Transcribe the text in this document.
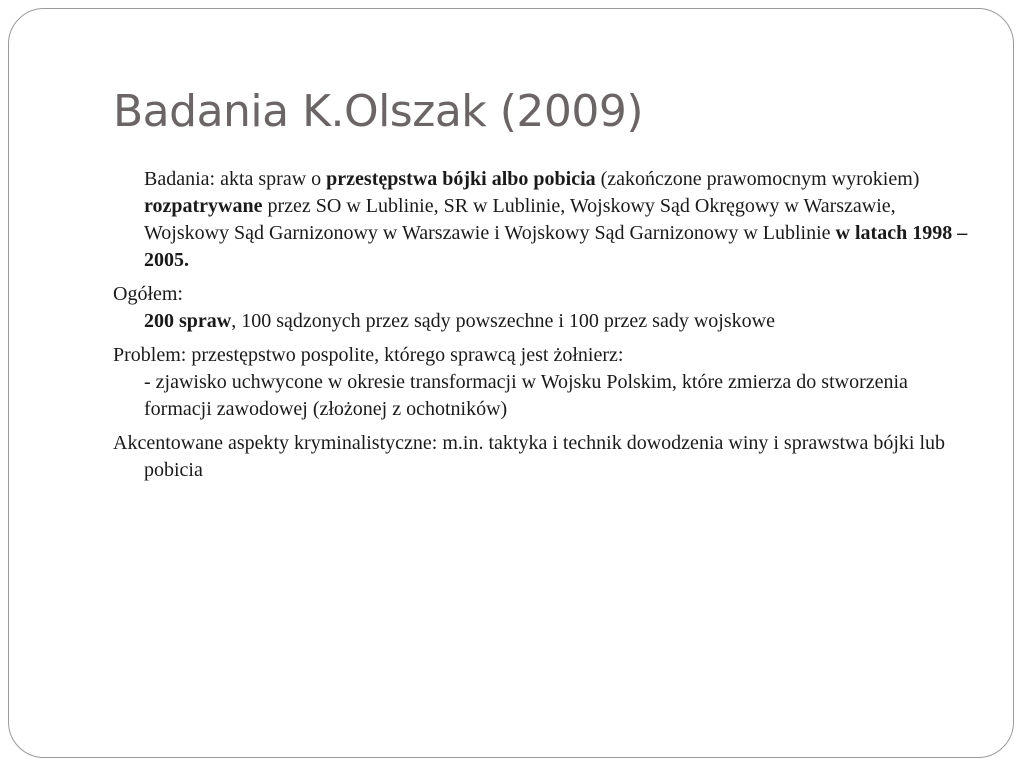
Badania K.Olszak (2009)

Badania: akta spraw o przestępstwa bójki albo pobicia (zakończone prawomocnym wyrokiem) rozpatrywane przez SO w Lublinie, SR w Lublinie, Wojskowy Sąd Okręgowy w Warszawie, Wojskowy Sąd Garnizonowy w Warszawie i Wojskowy Sąd Garnizonowy w Lublinie w latach 1998 – 2005.

Ogółem:
200 spraw, 100 sądzonych przez sądy powszechne i 100 przez sady wojskowe

Problem: przestępstwo pospolite, którego sprawcą jest żołnierz:
- zjawisko uchwycone w okresie transformacji w Wojsku Polskim, które zmierza do stworzenia formacji zawodowej (złożonej z ochotników)

Akcentowane aspekty kryminalistyczne: m.in. taktyka i technik dowodzenia winy i sprawstwa bójki lub pobicia
